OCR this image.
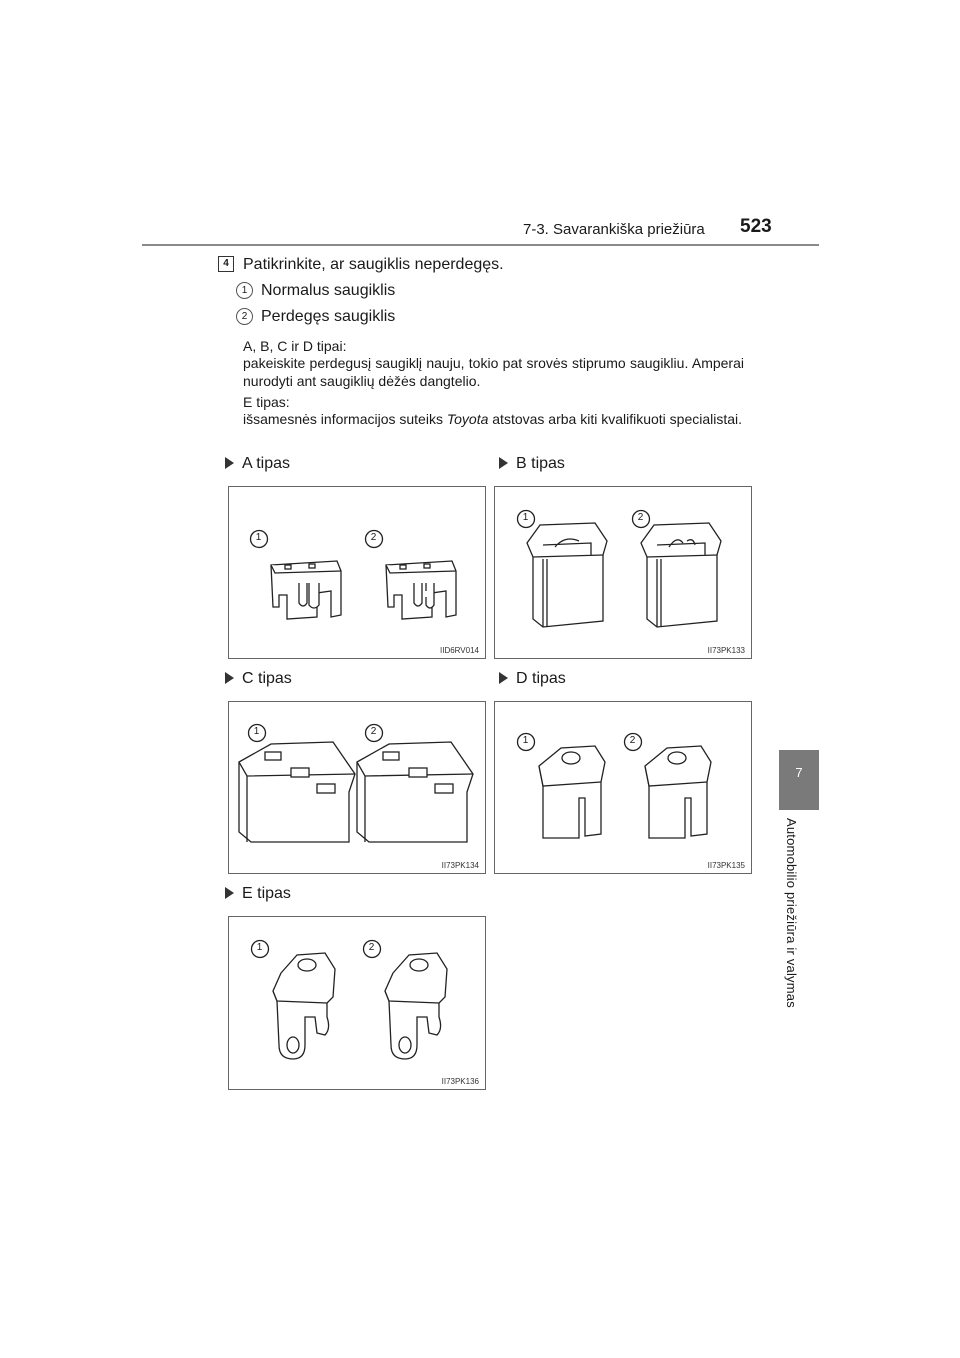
7-3. Savarankiška priežiūra 523
7
Automobilio priežiūra ir valymas
4 Patikrinkite, ar saugiklis neperdegęs.
1 Normalus saugiklis
2 Perdegęs saugiklis
A, B, C ir D tipai:
pakeiskite perdegusį saugiklį nauju, tokio pat srovės stiprumo saugikliu. Amperai nurodyti ant saugiklių dėžės dangtelio.
E tipas:
išsamesnės informacijos suteiks Toyota atstovas arba kiti kvalifikuoti specialistai.
A tipas	B tipas
C tipas	D tipas
E tipas
1	2
IID6RV014
1	2
II73PK133
1	2
II73PK134
1	2
II73PK135
1	2
II73PK136
